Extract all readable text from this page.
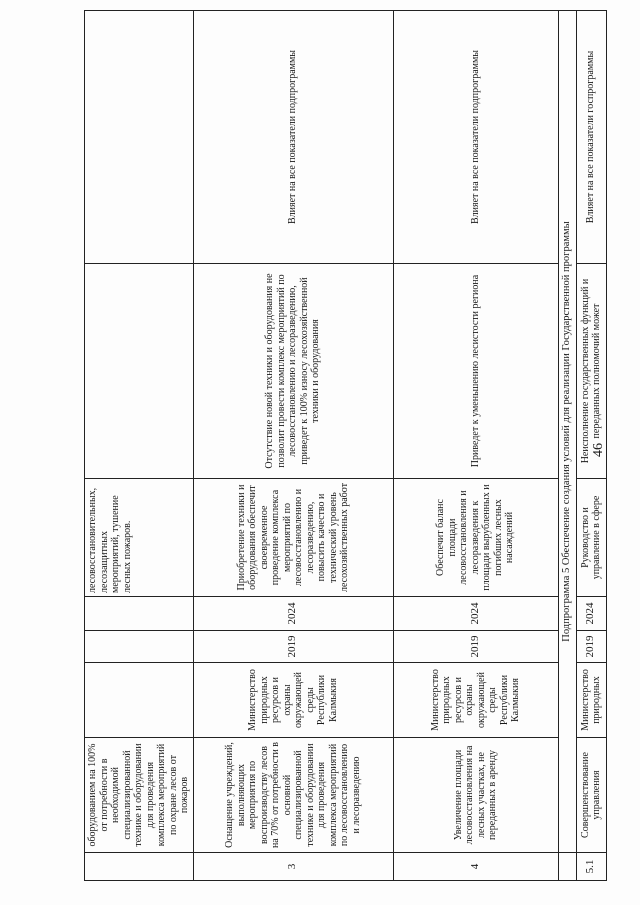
	оборудованием на 100% от потребности в необходимой специализированной технике и оборудовании для проведения комплекса мероприятий по охране лесов от пожаров				лесовосстановительных, лесозащитных мероприятий, тушение лесных пожаров.		
3	Оснащение учреждений, выполняющих мероприятия по воспроизводству лесов на 70% от потребности в основной специализированной технике и оборудовании для проведения комплекса мероприятий по лесовосстановлению и лесоразведению	Министерство природных ресурсов и охраны окружающей среды Республики Калмыкия	2019	2024	Приобретение техники и оборудования обеспечит своевременное проведение комплекса мероприятий по лесовосстановлению и лесоразведению, повысить качество и технический уровень лесохозяйственных работ	Отсутствие новой техники и оборудования не позволит провести комплекс мероприятий по лесовосстановлению и лесоразведению, приведет к 100% износу лесохозяйственной техники и оборудования	Влияет на все показатели подпрограммы
4	Увеличение площади лесовосстановления на лесных участках, не переданных в аренду	Министерство природных ресурсов и охраны окружающей среды Республики Калмыкия	2019	2024	Обеспечит баланс площади лесовосстановления и лесоразведения к площади вырубленных и погибших лесных насаждений	Приведет к уменьшению лесистости региона	Влияет на все показатели подпрограммы
	Подпрограмма 5 Обеспечение создания условий для реализации Государственной программы						
5.1	Совершенствование управления	Министерство природных	2019	2024	Руководство и управление в сфере	Неисполнение государственных функций и переданных полномочий может	Влияет на все показатели госпрограммы
46
